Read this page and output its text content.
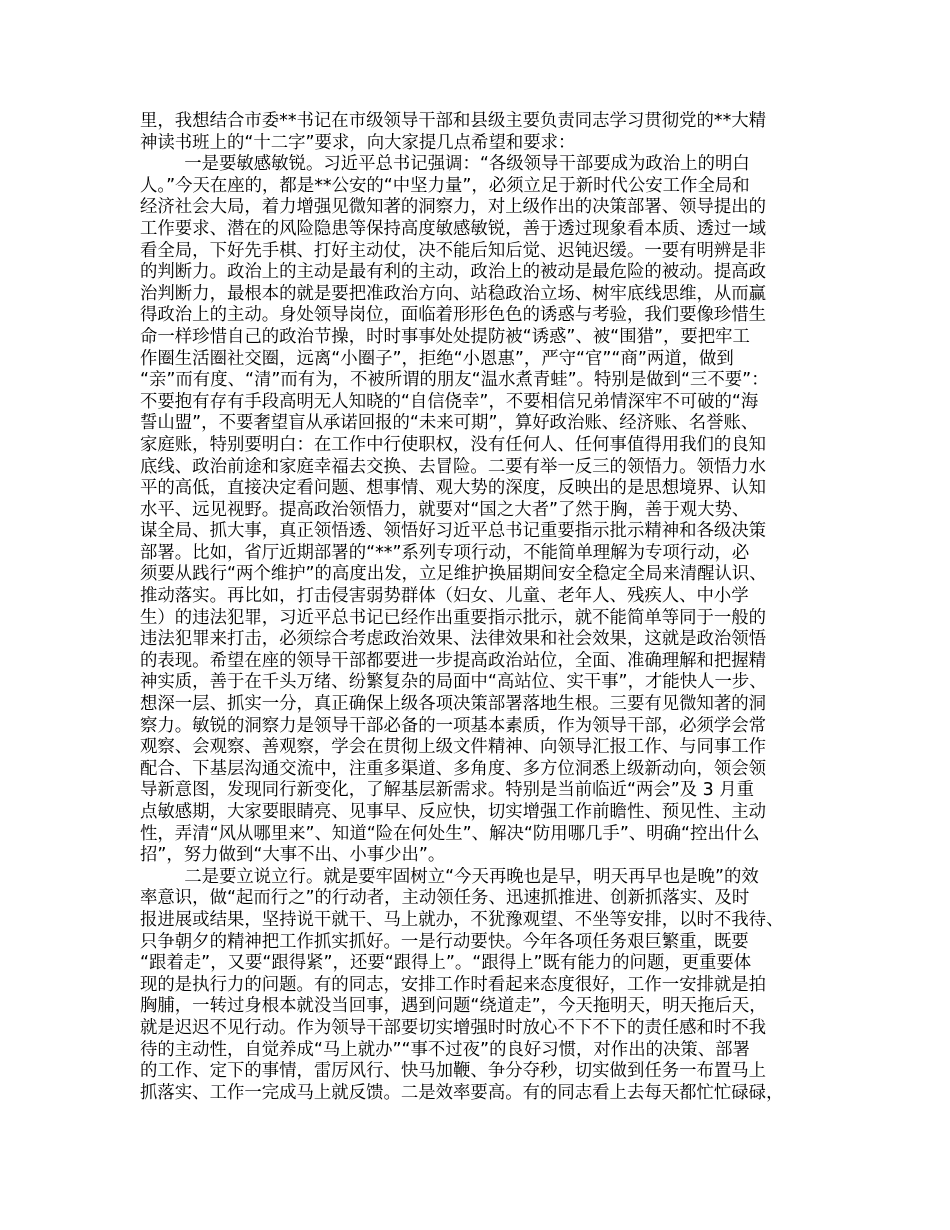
里，我想结合市委**书记在市级领导干部和县级主要负责同志学习贯彻党的**大精
神读书班上的“十二字”要求，向大家提几点希望和要求：
一是要敏感敏锐。习近平总书记强调：“各级领导干部要成为政治上的明白
人。”今天在座的，都是**公安的“中坚力量”，必须立足于新时代公安工作全局和
经济社会大局，着力增强见微知著的洞察力，对上级作出的决策部署、领导提出的
工作要求、潜在的风险隐患等保持高度敏感敏锐，善于透过现象看本质、透过一域
看全局，下好先手棋、打好主动仗，决不能后知后觉、迟钝迟缓。一要有明辨是非
的判断力。政治上的主动是最有利的主动，政治上的被动是最危险的被动。提高政
治判断力，最根本的就是要把准政治方向、站稳政治立场、树牢底线思维，从而赢
得政治上的主动。身处领导岗位，面临着形形色色的诱惑与考验，我们要像珍惜生
命一样珍惜自己的政治节操，时时事事处处提防被“诱惑”、被“围猎”，要把牢工
作圈生活圈社交圈，远离“小圈子”，拒绝“小恩惠”，严守“官”“商”两道，做到
“亲”而有度、“清”而有为，不被所谓的朋友“温水煮青蛙”。特别是做到“三不要”：
不要抱有存有手段高明无人知晓的“自信侥幸”，不要相信兄弟情深牢不可破的“海
誓山盟”，不要奢望盲从承诺回报的“未来可期”，算好政治账、经济账、名誉账、
家庭账，特别要明白：在工作中行使职权，没有任何人、任何事值得用我们的良知
底线、政治前途和家庭幸福去交换、去冒险。二要有举一反三的领悟力。领悟力水
平的高低，直接决定看问题、想事情、观大势的深度，反映出的是思想境界、认知
水平、远见视野。提高政治领悟力，就要对“国之大者”了然于胸，善于观大势、
谋全局、抓大事，真正领悟透、领悟好习近平总书记重要指示批示精神和各级决策
部署。比如，省厅近期部署的“**”系列专项行动，不能简单理解为专项行动，必
须要从践行“两个维护”的高度出发，立足维护换届期间安全稳定全局来清醒认识、
推动落实。再比如，打击侵害弱势群体（妇女、儿童、老年人、残疾人、中小学
生）的违法犯罪，习近平总书记已经作出重要指示批示，就不能简单等同于一般的
违法犯罪来打击，必须综合考虑政治效果、法律效果和社会效果，这就是政治领悟
的表现。希望在座的领导干部都要进一步提高政治站位，全面、准确理解和把握精
神实质，善于在千头万绪、纷繁复杂的局面中“高站位、实干事”，才能快人一步、
想深一层、抓实一分，真正确保上级各项决策部署落地生根。三要有见微知著的洞
察力。敏锐的洞察力是领导干部必备的一项基本素质，作为领导干部，必须学会常
观察、会观察、善观察，学会在贯彻上级文件精神、向领导汇报工作、与同事工作
配合、下基层沟通交流中，注重多渠道、多角度、多方位洞悉上级新动向，领会领
导新意图，发现同行新变化，了解基层新需求。特别是当前临近“两会”及 3 月重
点敏感期，大家要眼睛亮、见事早、反应快，切实增强工作前瞻性、预见性、主动
性，弄清“风从哪里来”、知道“险在何处生”、解决“防用哪几手”、明确“控出什么
招”，努力做到“大事不出、小事少出”。
二是要立说立行。就是要牢固树立“今天再晚也是早，明天再早也是晚”的效
率意识，做“起而行之”的行动者，主动领任务、迅速抓推进、创新抓落实、及时
报进展或结果，坚持说干就干、马上就办，不犹豫观望、不坐等安排，以时不我待、
只争朝夕的精神把工作抓实抓好。一是行动要快。今年各项任务艰巨繁重，既要
“跟着走”，又要“跟得紧”，还要“跟得上”。“跟得上”既有能力的问题，更重要体
现的是执行力的问题。有的同志，安排工作时看起来态度很好，工作一安排就是拍
胸脯，一转过身根本就没当回事，遇到问题“绕道走”，今天拖明天，明天拖后天，
就是迟迟不见行动。作为领导干部要切实增强时时放心不下不下的责任感和时不我
待的主动性，自觉养成“马上就办”“事不过夜”的良好习惯，对作出的决策、部署
的工作、定下的事情，雷厉风行、快马加鞭、争分夺秒，切实做到任务一布置马上
抓落实、工作一完成马上就反馈。二是效率要高。有的同志看上去每天都忙忙碌碌，
